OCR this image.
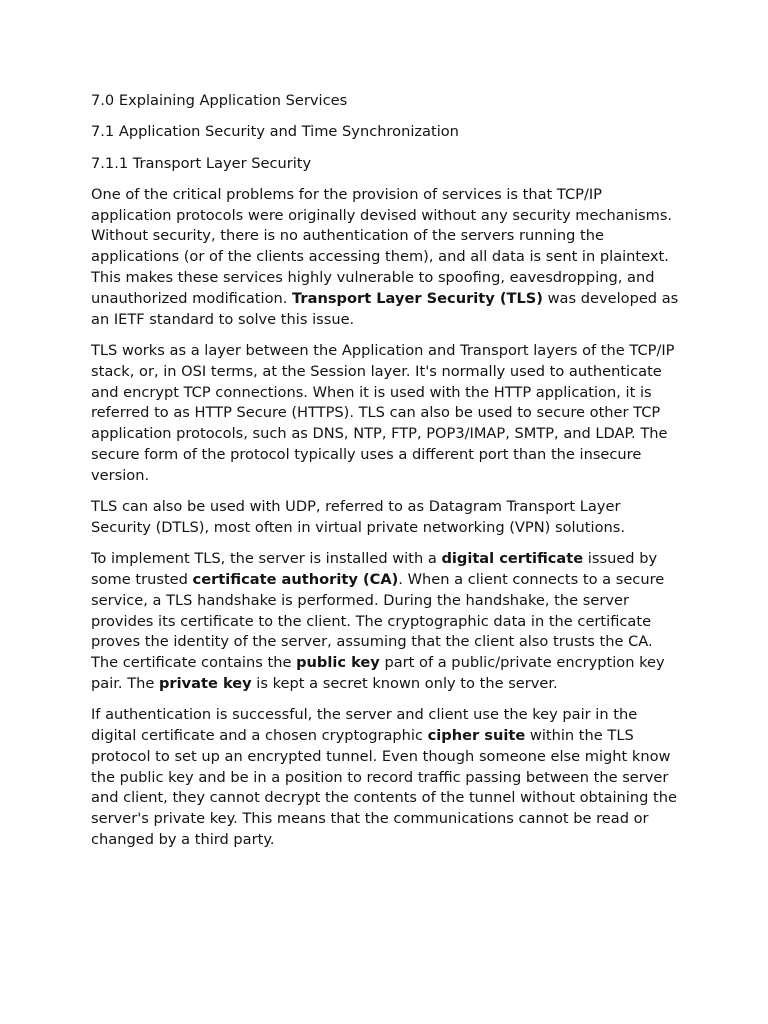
7.0 Explaining Application Services
7.1 Application Security and Time Synchronization
7.1.1 Transport Layer Security

One of the critical problems for the provision of services is that TCP/IP application protocols were originally devised without any security mechanisms. Without security, there is no authentication of the servers running the applications (or of the clients accessing them), and all data is sent in plaintext. This makes these services highly vulnerable to spoofing, eavesdropping, and unauthorized modification. Transport Layer Security (TLS) was developed as an IETF standard to solve this issue.

TLS works as a layer between the Application and Transport layers of the TCP/IP stack, or, in OSI terms, at the Session layer. It's normally used to authenticate and encrypt TCP connections. When it is used with the HTTP application, it is referred to as HTTP Secure (HTTPS). TLS can also be used to secure other TCP application protocols, such as DNS, NTP, FTP, POP3/IMAP, SMTP, and LDAP. The secure form of the protocol typically uses a different port than the insecure version.

TLS can also be used with UDP, referred to as Datagram Transport Layer Security (DTLS), most often in virtual private networking (VPN) solutions.

To implement TLS, the server is installed with a digital certificate issued by some trusted certificate authority (CA). When a client connects to a secure service, a TLS handshake is performed. During the handshake, the server provides its certificate to the client. The cryptographic data in the certificate proves the identity of the server, assuming that the client also trusts the CA. The certificate contains the public key part of a public/private encryption key pair. The private key is kept a secret known only to the server.

If authentication is successful, the server and client use the key pair in the digital certificate and a chosen cryptographic cipher suite within the TLS protocol to set up an encrypted tunnel. Even though someone else might know the public key and be in a position to record traffic passing between the server and client, they cannot decrypt the contents of the tunnel without obtaining the server's private key. This means that the communications cannot be read or changed by a third party.
